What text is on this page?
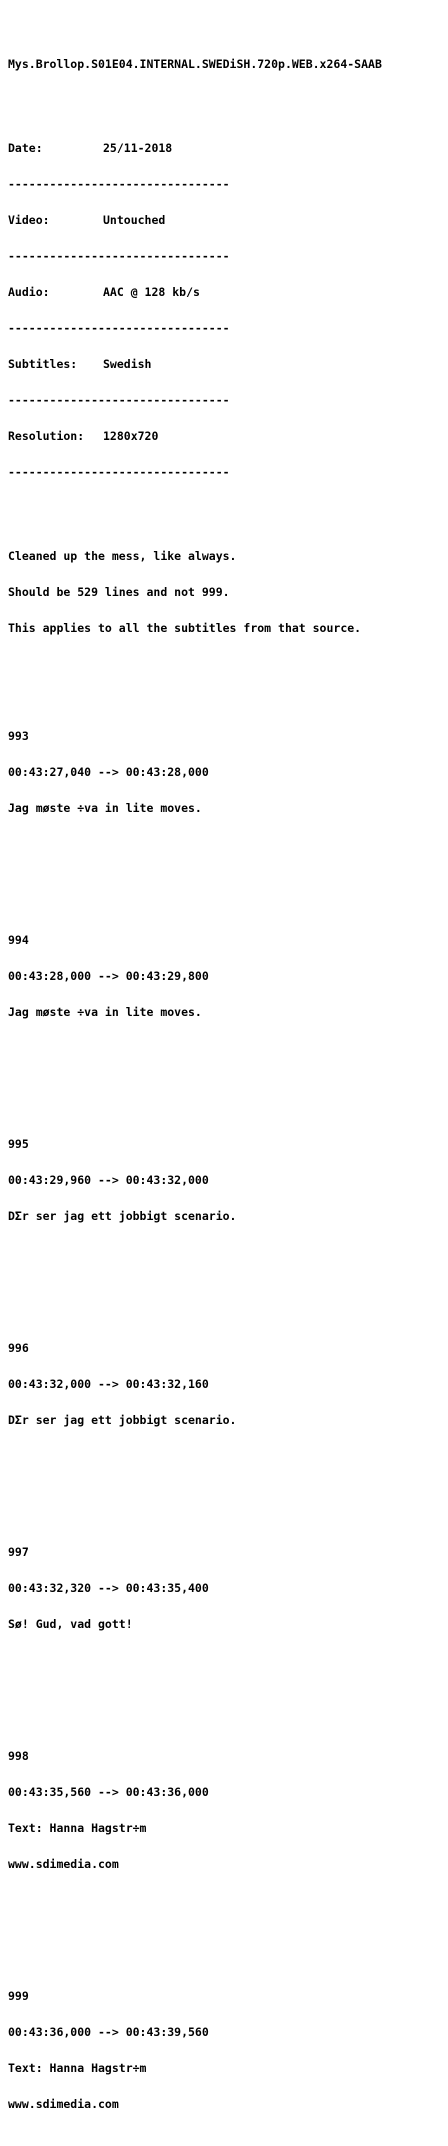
Mys.Brollop.S01E04.INTERNAL.SWEDiSH.720p.WEB.x264-SAAB

Date:	25/11-2018

--------------------------------

Video:	Untouched

--------------------------------

Audio:	AAC @ 128 kb/s

--------------------------------

Subtitles: Swedish

--------------------------------

Resolution: 1280x720

--------------------------------

Cleaned up the mess, like always.

Should be 529 lines and not 999.

This applies to all the subtitles from that source.

993

00:43:27,040 --> 00:43:28,000

Jag møste ÷va in lite moves.

994

00:43:28,000 --> 00:43:29,800

Jag møste ÷va in lite moves.

995

00:43:29,960 --> 00:43:32,000

DΣr ser jag ett jobbigt scenario.

996

00:43:32,000 --> 00:43:32,160

DΣr ser jag ett jobbigt scenario.

997

00:43:32,320 --> 00:43:35,400

Sø! Gud, vad gott!

998

00:43:35,560 --> 00:43:36,000

Text: Hanna Hagstr÷m

www.sdimedia.com

999

00:43:36,000 --> 00:43:39,560

Text: Hanna Hagstr÷m

www.sdimedia.com
